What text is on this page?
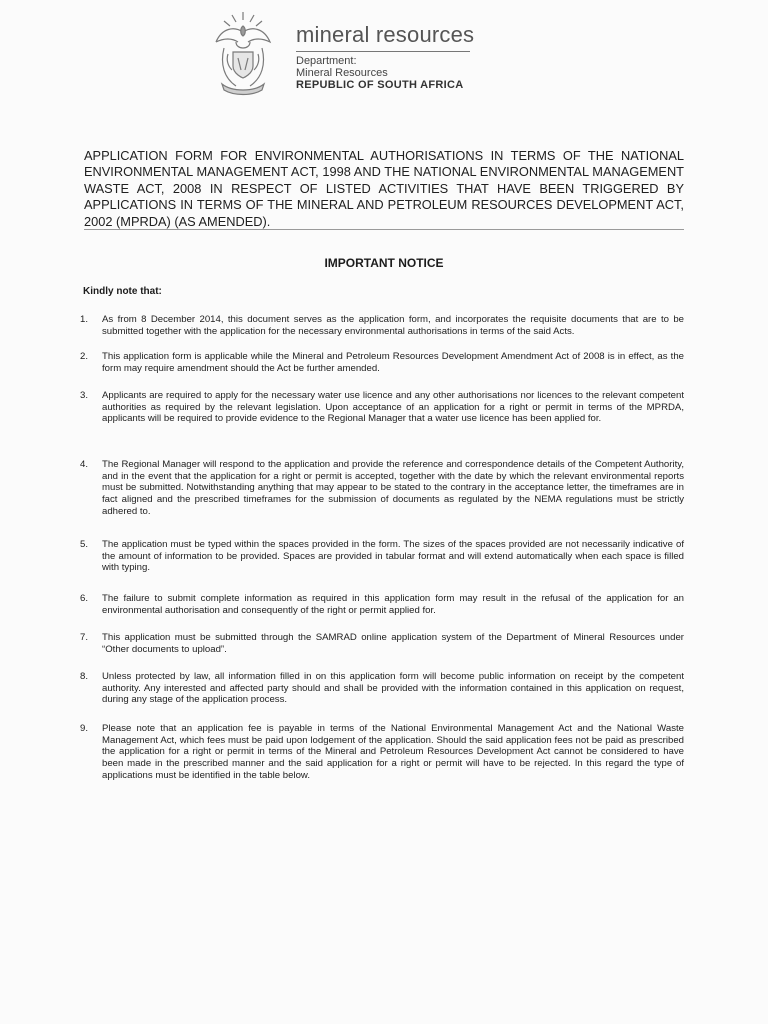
mineral resources
Department:
Mineral Resources
REPUBLIC OF SOUTH AFRICA
APPLICATION FORM FOR ENVIRONMENTAL AUTHORISATIONS IN TERMS OF THE NATIONAL ENVIRONMENTAL MANAGEMENT ACT, 1998 AND THE NATIONAL ENVIRONMENTAL MANAGEMENT WASTE ACT, 2008 IN RESPECT OF LISTED ACTIVITIES THAT HAVE BEEN TRIGGERED BY APPLICATIONS IN TERMS OF THE MINERAL AND PETROLEUM RESOURCES DEVELOPMENT ACT, 2002 (MPRDA) (AS AMENDED).
IMPORTANT NOTICE
Kindly note that:
1.	As from 8 December 2014, this document serves as the application form, and incorporates the requisite documents that are to be submitted together with the application for the necessary environmental authorisations in terms of the said Acts.
2.	This application form is applicable while the Mineral and Petroleum Resources Development Amendment Act of 2008 is in effect, as the form may require amendment should the Act be further amended.
3.	Applicants are required to apply for the necessary water use licence and any other authorisations nor licences to the relevant competent authorities as required by the relevant legislation. Upon acceptance of an application for a right or permit in terms of the MPRDA, applicants will be required to provide evidence to the Regional Manager that a water use licence has been applied for.
4.	The Regional Manager will respond to the application and provide the reference and correspondence details of the Competent Authority, and in the event that the application for a right or permit is accepted, together with the date by which the relevant environmental reports must be submitted. Notwithstanding anything that may appear to be stated to the contrary in the acceptance letter, the timeframes are in fact aligned and the prescribed timeframes for the submission of documents as regulated by the NEMA regulations must be strictly adhered to.
5.	The application must be typed within the spaces provided in the form. The sizes of the spaces provided are not necessarily indicative of the amount of information to be provided. Spaces are provided in tabular format and will extend automatically when each space is filled with typing.
6.	The failure to submit complete information as required in this application form may result in the refusal of the application for an environmental authorisation and consequently of the right or permit applied for.
7.	This application must be submitted through the SAMRAD online application system of the Department of Mineral Resources under “Other documents to upload”.
8.	Unless protected by law, all information filled in on this application form will become public information on receipt by the competent authority. Any interested and affected party should and shall be provided with the information contained in this application on request, during any stage of the application process.
9.	Please note that an application fee is payable in terms of the National Environmental Management Act and the National Waste Management Act, which fees must be paid upon lodgement of the application. Should the said application fees not be paid as prescribed the application for a right or permit in terms of the Mineral and Petroleum Resources Development Act cannot be considered to have been made in the prescribed manner and the said application for a right or permit will have to be rejected. In this regard the type of applications must be identified in the table below.
